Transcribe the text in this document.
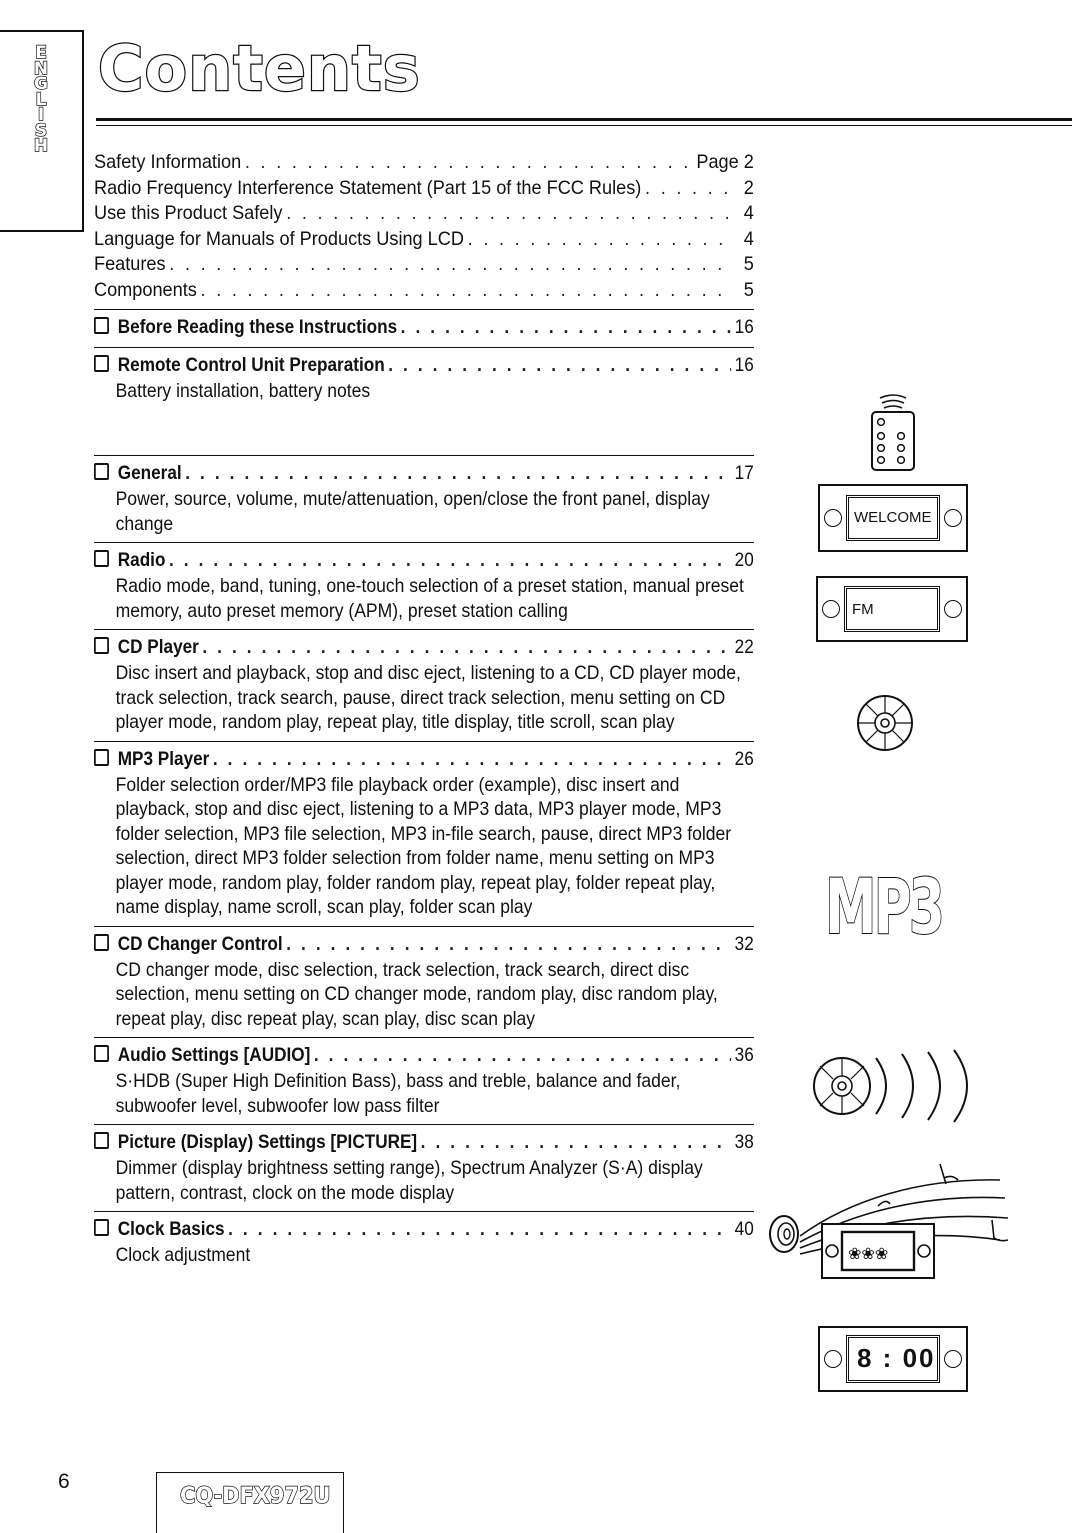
E
N
G
L
I
S
H
Contents
Safety Information . . .	Page 2
Radio Frequency Interference Statement (Part 15 of the FCC Rules) . . .	2
Use this Product Safely . . .	4
Language for Manuals of Products Using LCD . . .	4
Features . . .	5
Components . . .	5
Before Reading these Instructions . . .	16
Remote Control Unit Preparation . . .	16
Battery installation, battery notes
General . . .	17
Power, source, volume, mute/attenuation, open/close the front panel, display change
Radio . . .	20
Radio mode, band, tuning, one-touch selection of a preset station, manual preset memory, auto preset memory (APM), preset station calling
CD Player . . .	22
Disc insert and playback, stop and disc eject, listening to a CD, CD player mode, track selection, track search, pause, direct track selection, menu setting on CD player mode, random play, repeat play, title display, title scroll, scan play
MP3 Player . . .	26
Folder selection order/MP3 file playback order (example), disc insert and playback, stop and disc eject, listening to a MP3 data, MP3 player mode, MP3 folder selection, MP3 file selection, MP3 in-file search, pause, direct MP3 folder selection, direct MP3 folder selection from folder name, menu setting on MP3 player mode, random play, folder random play, repeat play, folder repeat play, name display, name scroll, scan play, folder scan play
CD Changer Control . . .	32
CD changer mode, disc selection, track selection, track search, direct disc selection, menu setting on CD changer mode, random play, disc random play, repeat play, disc repeat play, scan play, disc scan play
Audio Settings [AUDIO] . . .	36
S·HDB (Super High Definition Bass), bass and treble, balance and fader, subwoofer level, subwoofer low pass filter
Picture (Display) Settings [PICTURE] . . .	38
Dimmer (display brightness setting range), Spectrum Analyzer (S·A) display pattern, contrast, clock on the mode display
Clock Basics . . .	40
Clock adjustment
WELCOME
FM
MP3
❀❀❀
8 : 00
6
CQ-DFX972U
